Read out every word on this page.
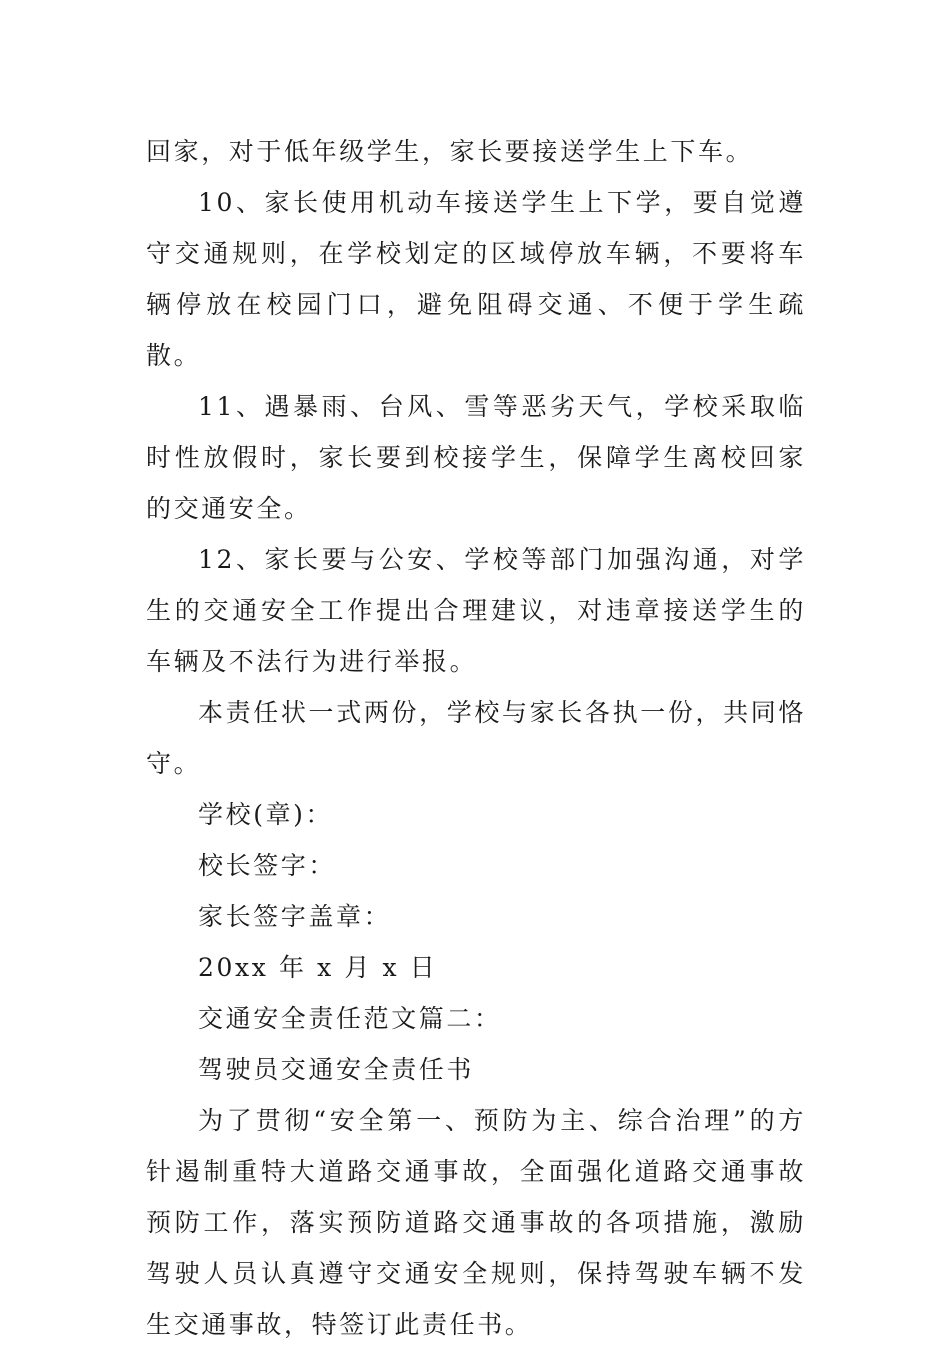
回家，对于低年级学生，家长要接送学生上下车。

10、家长使用机动车接送学生上下学，要自觉遵守交通规则，在学校划定的区域停放车辆，不要将车辆停放在校园门口，避免阻碍交通、不便于学生疏散。

11、遇暴雨、台风、雪等恶劣天气，学校采取临时性放假时，家长要到校接学生，保障学生离校回家的交通安全。

12、家长要与公安、学校等部门加强沟通，对学生的交通安全工作提出合理建议，对违章接送学生的车辆及不法行为进行举报。

本责任状一式两份，学校与家长各执一份，共同恪守。

学校(章)：

校长签字：

家长签字盖章：

20xx 年 x 月 x 日

交通安全责任范文篇二：

驾驶员交通安全责任书

为了贯彻“安全第一、预防为主、综合治理”的方针遏制重特大道路交通事故，全面强化道路交通事故预防工作，落实预防道路交通事故的各项措施，激励驾驶人员认真遵守交通安全规则，保持驾驶车辆不发生交通事故，特签订此责任书。
